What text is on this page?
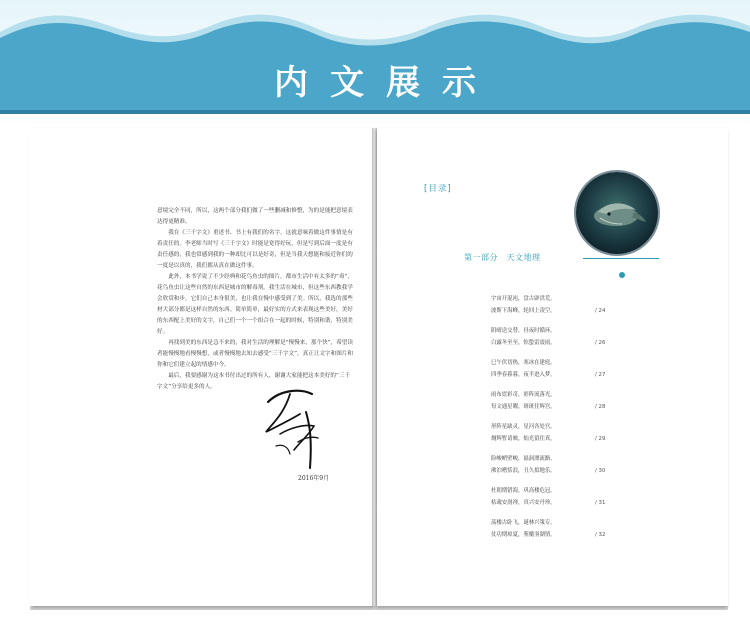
内文展示

意境完全不同，所以，这两个部分我们做了一些删减和修整，为的是能把意境表达得更精准。

我在《三千字文》重述书、书上有我们的名字，这就意味着做这件事情是有着责任的。李老师当时写《三千字文》时能是宽得好玩，但是写到后面一度是有责任感的，我也常感到我的一种却比可以是好奇，但是当我天想能和接近你们的一度是以真的，我们都从真在做这件事。

此外，本书学说了不少经典和花鸟鱼虫的图片，都市生活中有太多的“毒”，花鸟鱼虫让这些自然的东西是城市的解毒剂。我生活在城市，但这些东西教我学会欣赏和步，它们自己本身很美，也让我在慢中感受到了美。所以，我选的那些材大部分都是这样自然的东西。简单简单，最好实的方式来表现这些美好，美好的东西配上美好的文字，自己们一个一个组合在一起的时候，特别和谐，特别美好。

再找到美的东西是急不来的，我对生活的理解是“慢慢来，那个快”，希望读者能慢慢地看慢慢想，或者慢慢地去知去感受“三千字文”，真正让文字和图片和你和它们建立起的情感中今。

最后，我要感谢为这本书付出过的所有人，谢谢大家能把这本美好的“三千字文”分享给更多的人。

2016年9月
[目录]
第一部分　天文地理
宇宙开混沌，盘古辟洪荒。
波斯下海峰，轮回上凌空。	/ 24
阴晴送交替，昼夜时循环。
白露冬至至，惊蛰雷震雨。	/ 26
巳午伏切热，寒冰在建庭。
四季春暮暮，夜半进入梦。	/ 27
雨布霓彩奇，彩阵流落光。
每文通星曜，斑斑住辉宫。	/ 28
形阵星缺灵，星河各处宫。
炯辉暂请映，灿光留住真。	/ 29
险峻峭壁峻，悬洞漂流路。
沸泊嗜恬浪，丑久拟地乐。	/ 30
杜朝期错海，巩高楼危冠。
枯魂安润禅，真兴安丹珍。	/ 31
荡楼古卧飞，谜林兴策专。
仗功期琼夏，鉴魔羽湖情。	/ 32
